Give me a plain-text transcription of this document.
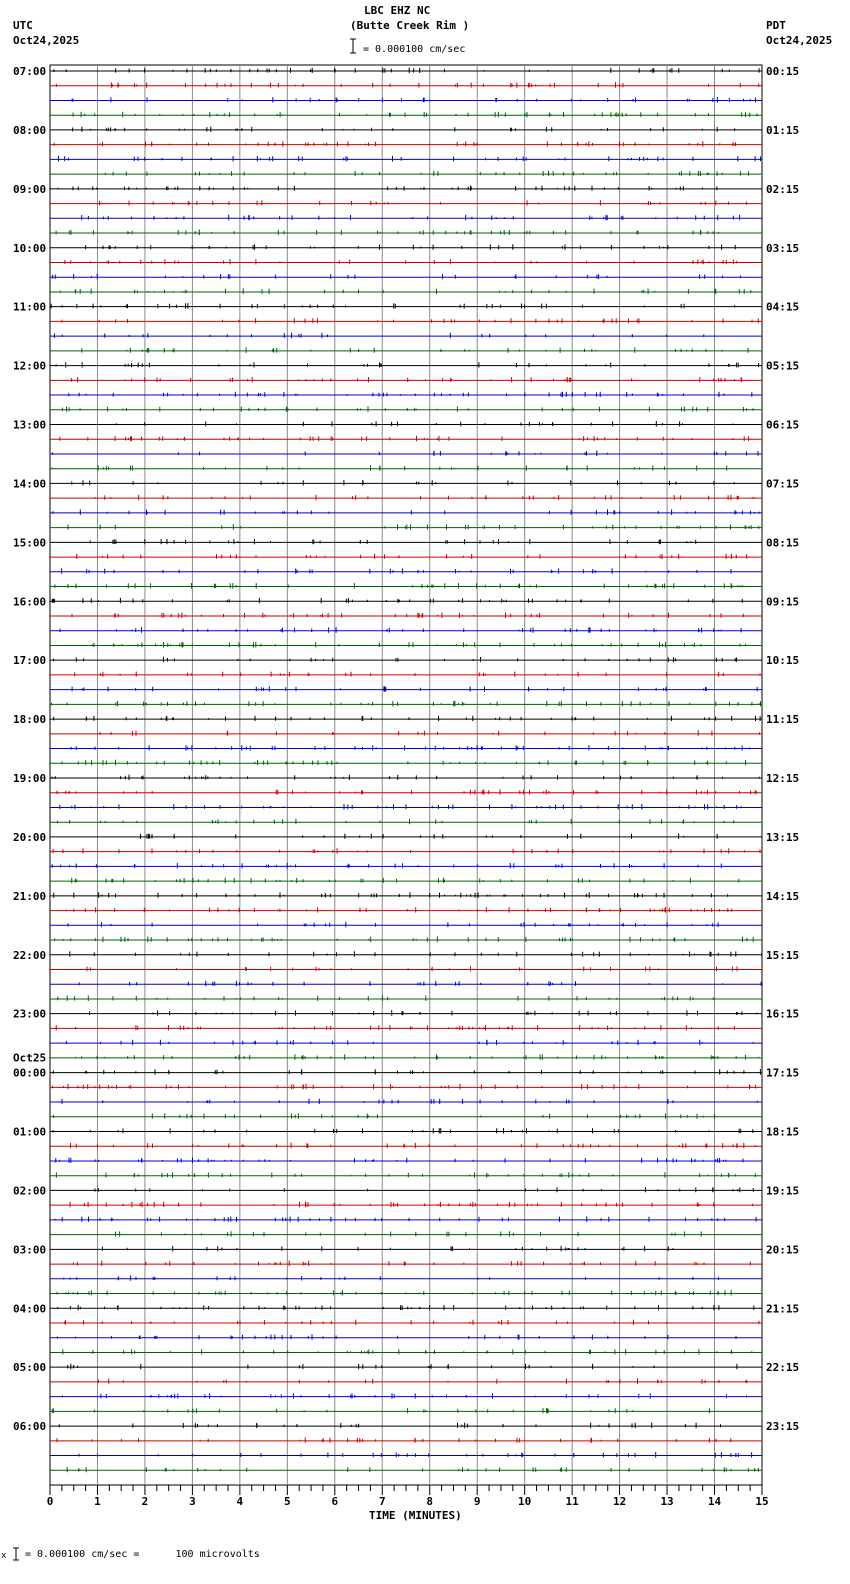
07:00
08:00
09:00
10:00
11:00
12:00
13:00
14:00
15:00
16:00
17:00
18:00
19:00
20:00
21:00
22:00
23:00
00:00
01:00
02:00
03:00
04:00
05:00
06:00
Oct25
00:15
01:15
02:15
03:15
04:15
05:15
06:15
07:15
08:15
09:15
10:15
11:15
12:15
13:15
14:15
15:15
16:15
17:15
18:15
19:15
20:15
21:15
22:15
23:15
0	1	2	3	4	5	6	7	8	9	10	11	12	13	14	15
LBC EHZ NC
(Butte Creek Rim )
UTC
Oct24,2025
PDT
Oct24,2025
= 0.000100 cm/sec
TIME (MINUTES)
x = 0.000100 cm/sec =      100 microvolts
